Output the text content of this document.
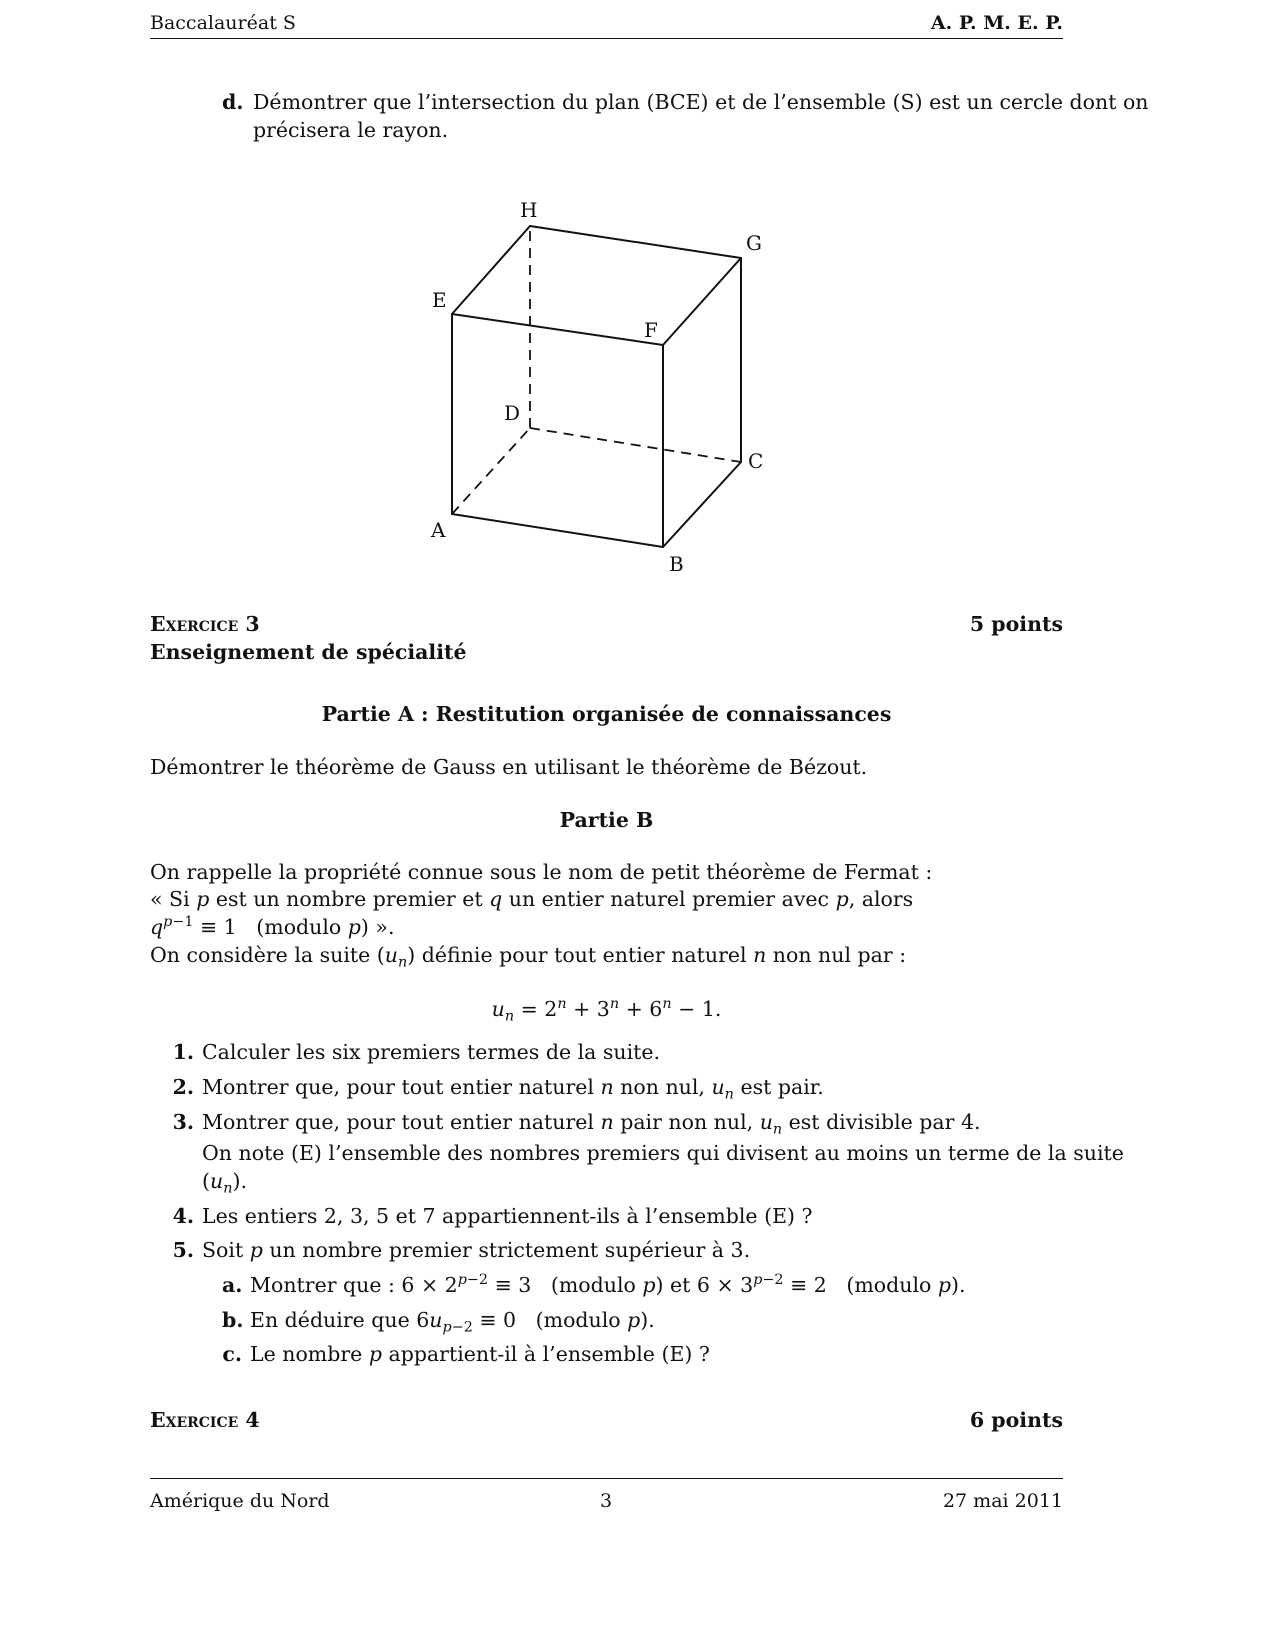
Baccalauréat S	A. P. M. E. P.
d. Démontrer que l’intersection du plan (BCE) et de l’ensemble (S) est un cercle dont on
précisera le rayon.
H
G
E
F
D
C
A
B
Exercice 3	5 points
Enseignement de spécialité
Partie A : Restitution organisée de connaissances
Démontrer le théorème de Gauss en utilisant le théorème de Bézout.
Partie B
On rappelle la propriété connue sous le nom de petit théorème de Fermat :
« Si p est un nombre premier et q un entier naturel premier avec p, alors
$q^{p-1} \equiv 1$   (modulo p) ».
On considère la suite $(u_n)$ définie pour tout entier naturel n non nul par :
$u_n = 2^n + 3^n + 6^n - 1$.
1. Calculer les six premiers termes de la suite.
2. Montrer que, pour tout entier naturel n non nul, $u_n$ est pair.
3. Montrer que, pour tout entier naturel n pair non nul, $u_n$ est divisible par 4.
On note (E) l’ensemble des nombres premiers qui divisent au moins un terme de la suite
$(u_n)$.
4. Les entiers 2, 3, 5 et 7 appartiennent-ils à l’ensemble (E) ?
5. Soit p un nombre premier strictement supérieur à 3.
a. Montrer que : $6 \times 2^{p-2} \equiv 3$   (modulo p) et $6 \times 3^{p-2} \equiv 2$   (modulo p).
b. En déduire que $6u_{p-2} \equiv 0$   (modulo p).
c. Le nombre p appartient-il à l’ensemble (E) ?
Exercice 4	6 points
Amérique du Nord	3	27 mai 2011
